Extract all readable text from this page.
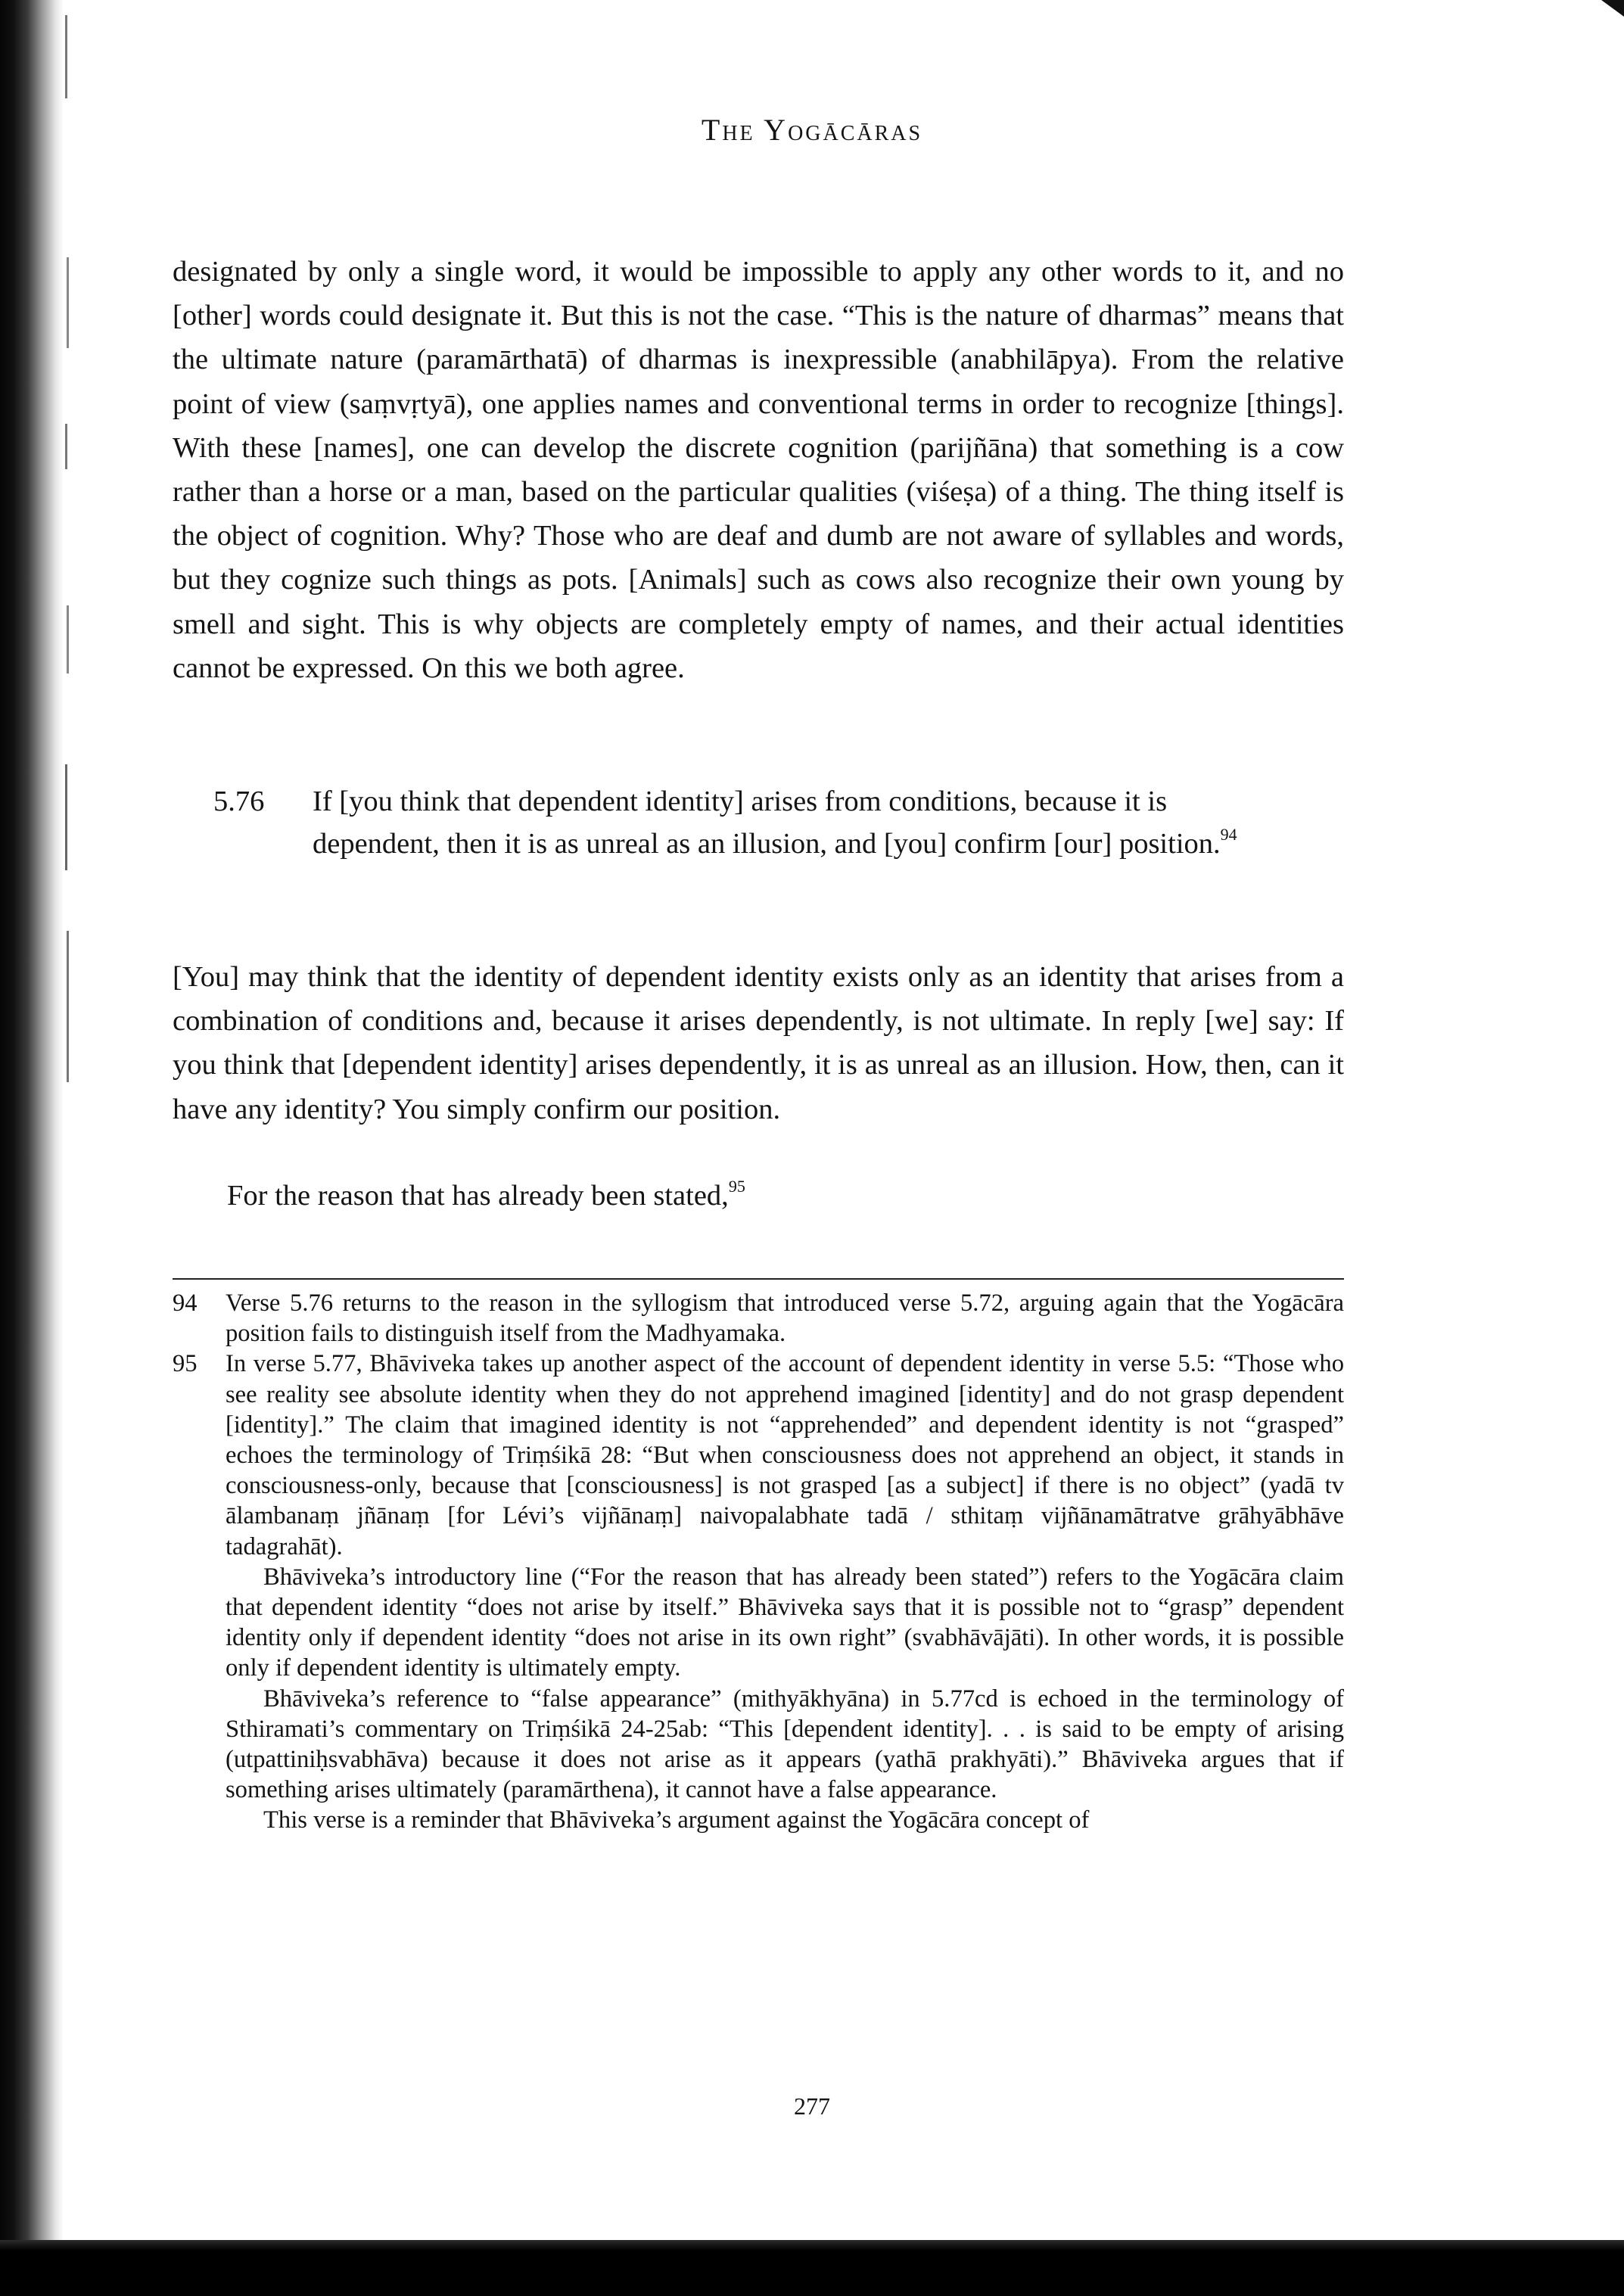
The Yogācāras

designated by only a single word, it would be impossible to apply any other words to it, and no [other] words could designate it. But this is not the case. “This is the nature of dharmas” means that the ultimate nature (paramārthatā) of dharmas is inexpressible (anabhilāpya). From the relative point of view (saṃvṛtyā), one applies names and conventional terms in order to recognize [things]. With these [names], one can develop the discrete cognition (parijñāna) that something is a cow rather than a horse or a man, based on the particular qualities (viśeṣa) of a thing. The thing itself is the object of cognition. Why? Those who are deaf and dumb are not aware of syllables and words, but they cognize such things as pots. [Animals] such as cows also recognize their own young by smell and sight. This is why objects are completely empty of names, and their actual identities cannot be expressed. On this we both agree.

5.76 If [you think that dependent identity] arises from conditions, because it is dependent, then it is as unreal as an illusion, and [you] confirm [our] position.$^{94}$

[You] may think that the identity of dependent identity exists only as an identity that arises from a combination of conditions and, because it arises dependently, is not ultimate. In reply [we] say: If you think that [dependent identity] arises dependently, it is as unreal as an illusion. How, then, can it have any identity? You simply confirm our position.

For the reason that has already been stated,$^{95}$

94 Verse 5.76 returns to the reason in the syllogism that introduced verse 5.72, arguing again that the Yogācāra position fails to distinguish itself from the Madhyamaka.

95 In verse 5.77, Bhāviveka takes up another aspect of the account of dependent identity in verse 5.5: “Those who see reality see absolute identity when they do not apprehend imagined [identity] and do not grasp dependent [identity].” The claim that imagined identity is not “apprehended” and dependent identity is not “grasped” echoes the terminology of Triṃśikā 28: “But when consciousness does not apprehend an object, it stands in consciousness-only, because that [consciousness] is not grasped [as a subject] if there is no object” (yadā tv ālambanaṃ jñānaṃ [for Lévi’s vijñānaṃ] naivopalabhate tadā / sthitaṃ vijñānamātratve grāhyābhāve tadagrahāt).

Bhāviveka’s introductory line (“For the reason that has already been stated”) refers to the Yogācāra claim that dependent identity “does not arise by itself.” Bhāviveka says that it is possible not to “grasp” dependent identity only if dependent identity “does not arise in its own right” (svabhāvājāti). In other words, it is possible only if dependent identity is ultimately empty.

Bhāviveka’s reference to “false appearance” (mithyākhyāna) in 5.77cd is echoed in the terminology of Sthiramati’s commentary on Triṃśikā 24-25ab: “This [dependent identity]. . . is said to be empty of arising (utpattiniḥsvabhāva) because it does not arise as it appears (yathā prakhyāti).” Bhāviveka argues that if something arises ultimately (paramārthena), it cannot have a false appearance.

This verse is a reminder that Bhāviveka’s argument against the Yogācāra concept of

277
